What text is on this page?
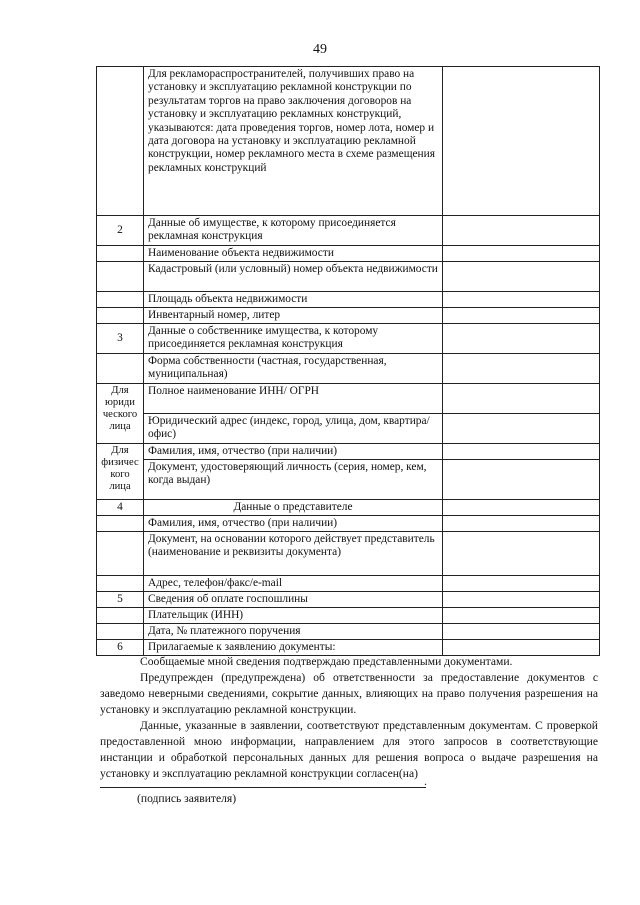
49
	Для рекламораспространителей, получивших право на установку и эксплуатацию рекламной конструкции по результатам торгов на право заключения договоров на установку и эксплуатацию рекламных конструкций, указываются: дата проведения торгов, номер лота, номер и дата договора на установку и эксплуатацию рекламной конструкции, номер рекламного места в схеме размещения рекламных конструкций	
2	Данные об имуществе, к которому присоединяется рекламная конструкция	
	Наименование объекта недвижимости	
	Кадастровый (или условный) номер объекта недвижимости	
	Площадь объекта недвижимости	
	Инвентарный номер, литер	
3	Данные о собственнике имущества, к которому присоединяется рекламная конструкция	
	Форма собственности (частная, государственная, муниципальная)	
Для юриди ческого лица	Полное наименование ИНН/ ОГРН	
	Юридический адрес (индекс, город, улица, дом, квартира/офис)	
Для физичес кого лица	Фамилия, имя, отчество (при наличии)	
	Документ, удостоверяющий личность (серия, номер, кем, когда выдан)	
4	Данные о представителе	
	Фамилия, имя, отчество (при наличии)	
	Документ, на основании которого действует представитель (наименование и реквизиты документа)	
	Адрес, телефон/факс/e-mail	
5	Сведения об оплате госпошлины	
	Плательщик (ИНН)	
	Дата, № платежного поручения	
6	Прилагаемые к заявлению документы:	
Сообщаемые мной сведения подтверждаю представленными документами.
Предупрежден (предупреждена) об ответственности за предоставление документов с заведомо неверными сведениями, сокрытие данных, влияющих на право получения разрешения на установку и эксплуатацию рекламной конструкции.
Данные, указанные в заявлении, соответствуют представленным документам. С проверкой предоставленной мною информации, направлением для этого запросов в соответствующие инстанции и обработкой персональных данных для решения вопроса о выдаче разрешения на установку и эксплуатацию рекламной конструкции согласен(на)
.
(подпись заявителя)
